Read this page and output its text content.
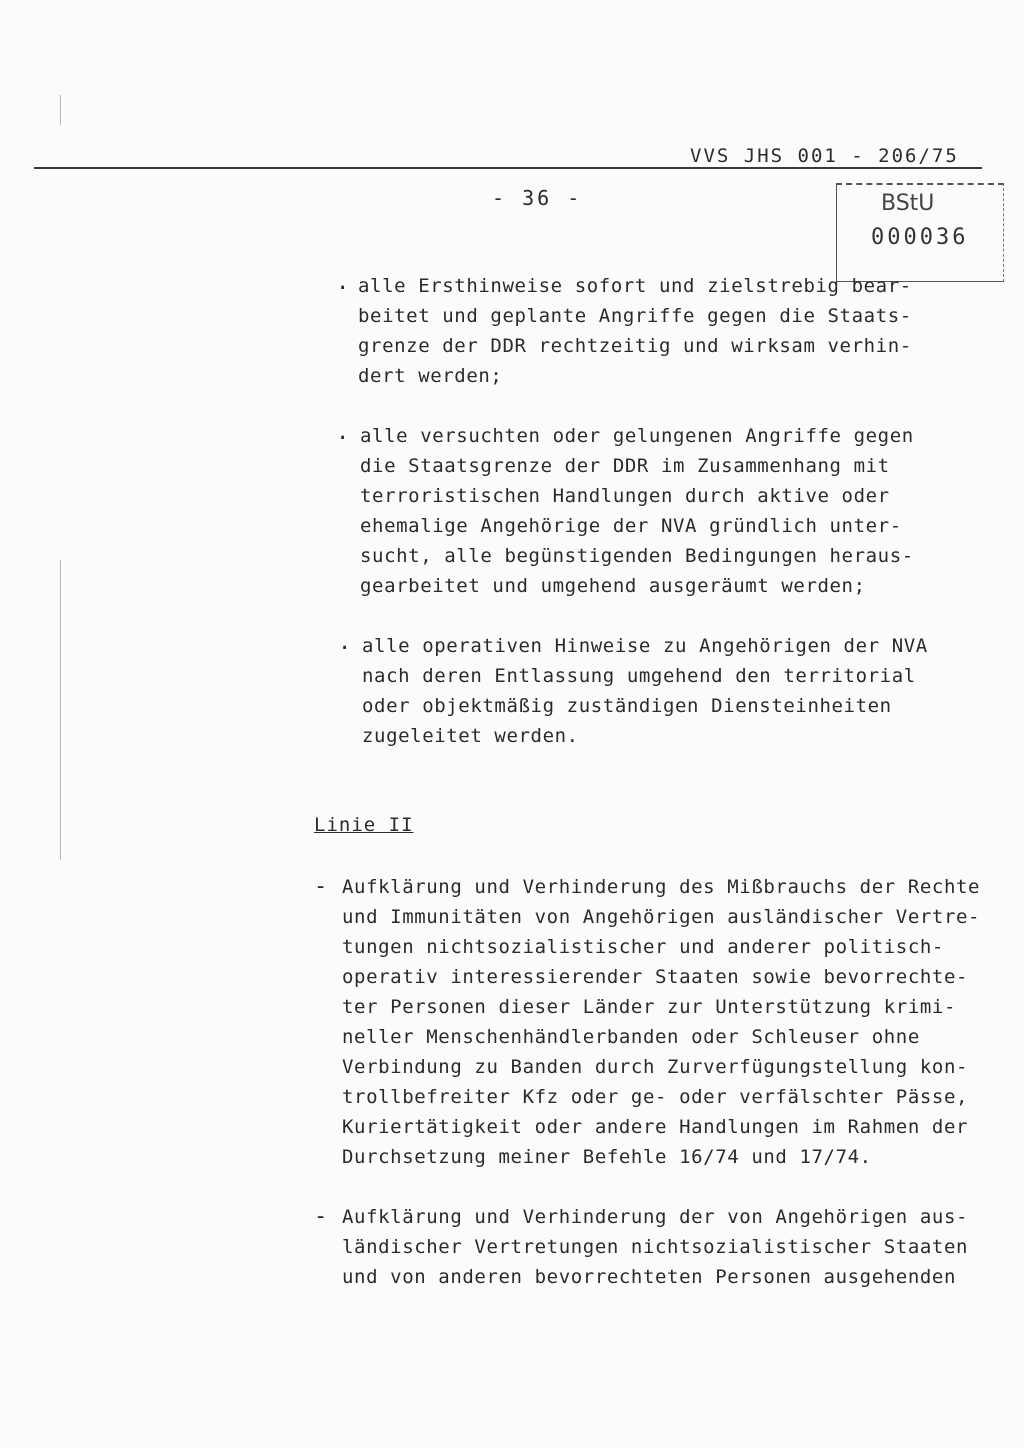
VVS JHS 001 - 206/75
- 36 -	BStU
000036
. alle Ersthinweise sofort und zielstrebig bear-
beitet und geplante Angriffe gegen die Staats-
grenze der DDR rechtzeitig und wirksam verhin-
dert werden;
. alle versuchten oder gelungenen Angriffe gegen
die Staatsgrenze der DDR im Zusammenhang mit
terroristischen Handlungen durch aktive oder
ehemalige Angehörige der NVA gründlich unter-
sucht, alle begünstigenden Bedingungen heraus-
gearbeitet und umgehend ausgeräumt werden;
. alle operativen Hinweise zu Angehörigen der NVA
nach deren Entlassung umgehend den territorial
oder objektmäßig zuständigen Diensteinheiten
zugeleitet werden.
Linie II
- Aufklärung und Verhinderung des Mißbrauchs der Rechte
und Immunitäten von Angehörigen ausländischer Vertre-
tungen nichtsozialistischer und anderer politisch-
operativ interessierender Staaten sowie bevorrechte-
ter Personen dieser Länder zur Unterstützung krimi-
neller Menschenhändlerbanden oder Schleuser ohne
Verbindung zu Banden durch Zurverfügungstellung kon-
trollbefreiter Kfz oder ge- oder verfälschter Pässe,
Kuriertätigkeit oder andere Handlungen im Rahmen der
Durchsetzung meiner Befehle 16/74 und 17/74.
- Aufklärung und Verhinderung der von Angehörigen aus-
ländischer Vertretungen nichtsozialistischer Staaten
und von anderen bevorrechteten Personen ausgehenden
